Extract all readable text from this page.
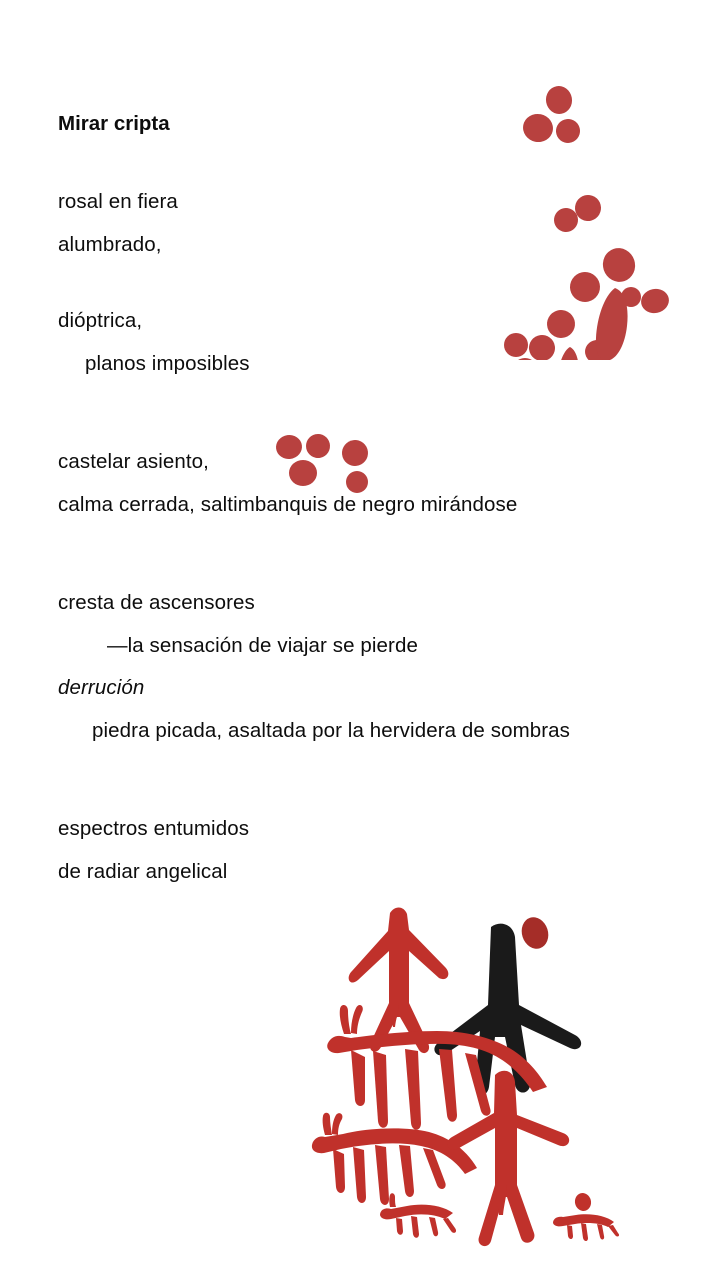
Mirar cripta
rosal en fiera
alumbrado,
dióptrica,
planos imposibles
castelar asiento,
calma cerrada, saltimbanquis de negro mirándose
cresta de ascensores
—la sensación de viajar se pierde
derrución
piedra picada, asaltada por la hervidera de sombras
espectros entumidos
de radiar angelical
